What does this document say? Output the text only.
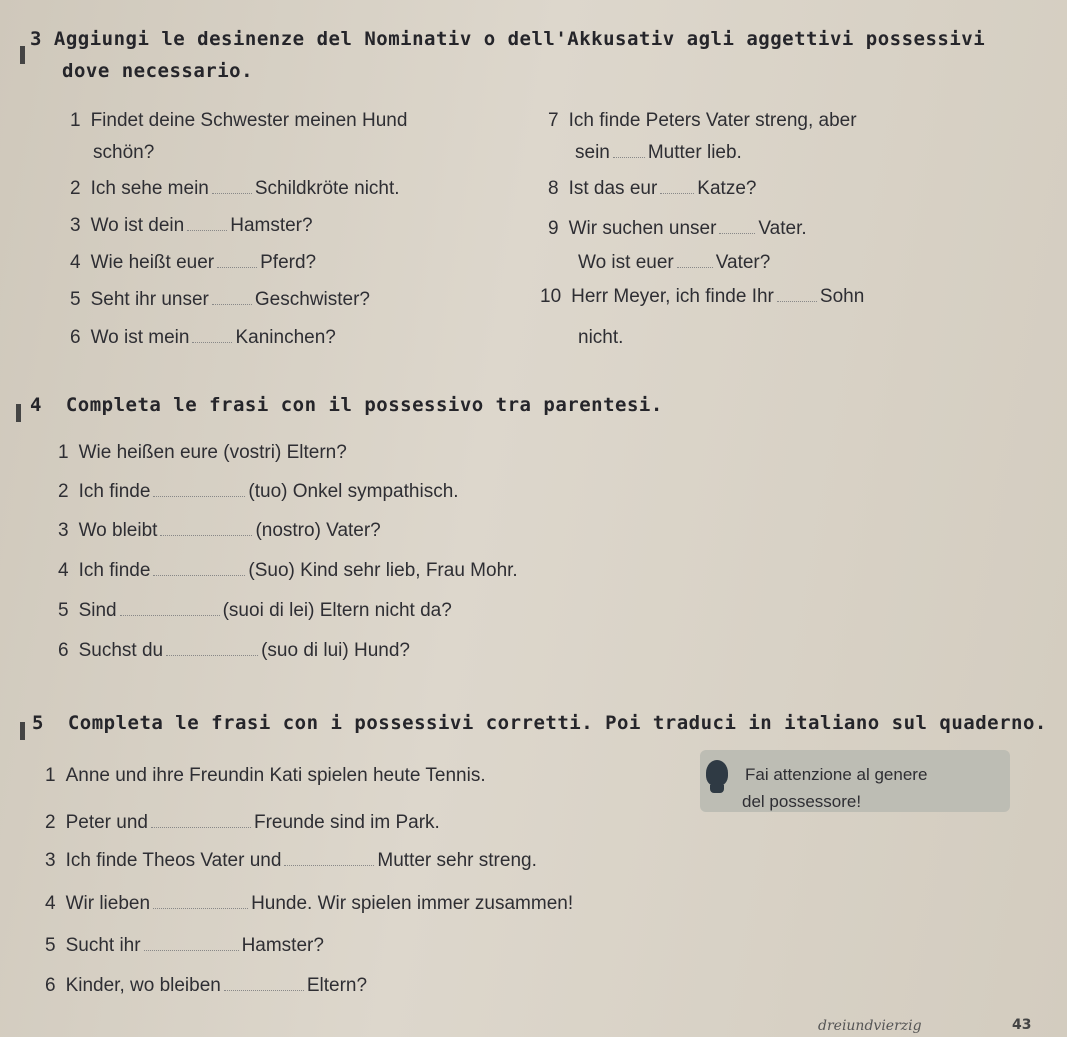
3 Aggiungi le desinenze del Nominativ o dell'Akkusativ agli aggettivi possessivi
dove necessario.
1 Findet deine Schwester meinen Hund
schön?
2 Ich sehe mein Schildkröte nicht.
3 Wo ist dein Hamster?
4 Wie heißt euer Pferd?
5 Seht ihr unser Geschwister?
6 Wo ist mein Kaninchen?
7 Ich finde Peters Vater streng, aber
sein Mutter lieb.
8 Ist das eur Katze?
9 Wir suchen unser Vater.
Wo ist euer Vater?
10 Herr Meyer, ich finde Ihr Sohn
nicht.
4 Completa le frasi con il possessivo tra parentesi.
1 Wie heißen eure (vostri) Eltern?
2 Ich finde	(tuo) Onkel sympathisch.
3 Wo bleibt	(nostro) Vater?
4 Ich finde	(Suo) Kind sehr lieb, Frau Mohr.
5 Sind	(suoi di lei) Eltern nicht da?
6 Suchst du	(suo di lui) Hund?
5 Completa le frasi con i possessivi corretti. Poi traduci in italiano sul quaderno.
Fai attenzione al genere
del possessore!
1 Anne und ihre Freundin Kati spielen heute Tennis.
2 Peter und	Freunde sind im Park.
3 Ich finde Theos Vater und	Mutter sehr streng.
4 Wir lieben	Hunde. Wir spielen immer zusammen!
5 Sucht ihr	Hamster?
6 Kinder, wo bleiben	Eltern?
dreiundvierzig	43
